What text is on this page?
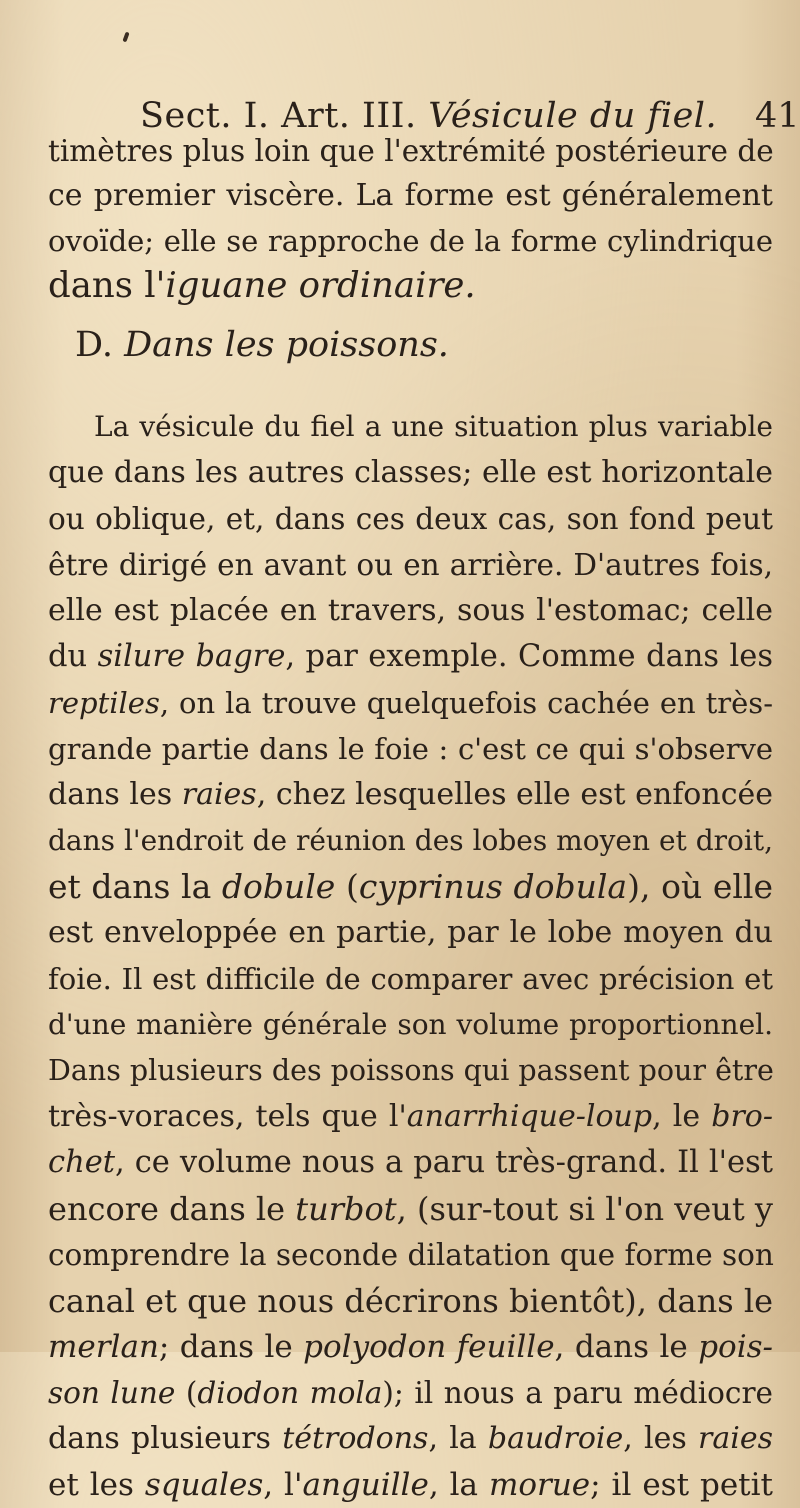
Sect. I. Art. III. Vésicule du fiel. 41
timètres plus loin que l'extrémité postérieure de
ce premier viscère. La forme est généralement
ovoïde; elle se rapproche de la forme cylindrique
dans l'iguane ordinaire.
D. Dans les poissons.
La vésicule du fiel a une situation plus variable
que dans les autres classes; elle est horizontale
ou oblique, et, dans ces deux cas, son fond peut
être dirigé en avant ou en arrière. D'autres fois,
elle est placée en travers, sous l'estomac; celle
du silure bagre, par exemple. Comme dans les
reptiles, on la trouve quelquefois cachée en très-
grande partie dans le foie : c'est ce qui s'observe
dans les raies, chez lesquelles elle est enfoncée
dans l'endroit de réunion des lobes moyen et droit,
et dans la dobule (cyprinus dobula), où elle
est enveloppée en partie, par le lobe moyen du
foie. Il est difficile de comparer avec précision et
d'une manière générale son volume proportionnel.
Dans plusieurs des poissons qui passent pour être
très-voraces, tels que l'anarrhique-loup, le bro-
chet, ce volume nous a paru très-grand. Il l'est
encore dans le turbot, (sur-tout si l'on veut y
comprendre la seconde dilatation que forme son
canal et que nous décrirons bientôt), dans le
merlan; dans le polyodon feuille, dans le pois-
son lune (diodon mola); il nous a paru médiocre
dans plusieurs tétrodons, la baudroie, les raies
et les squales, l'anguille, la morue; il est petit
